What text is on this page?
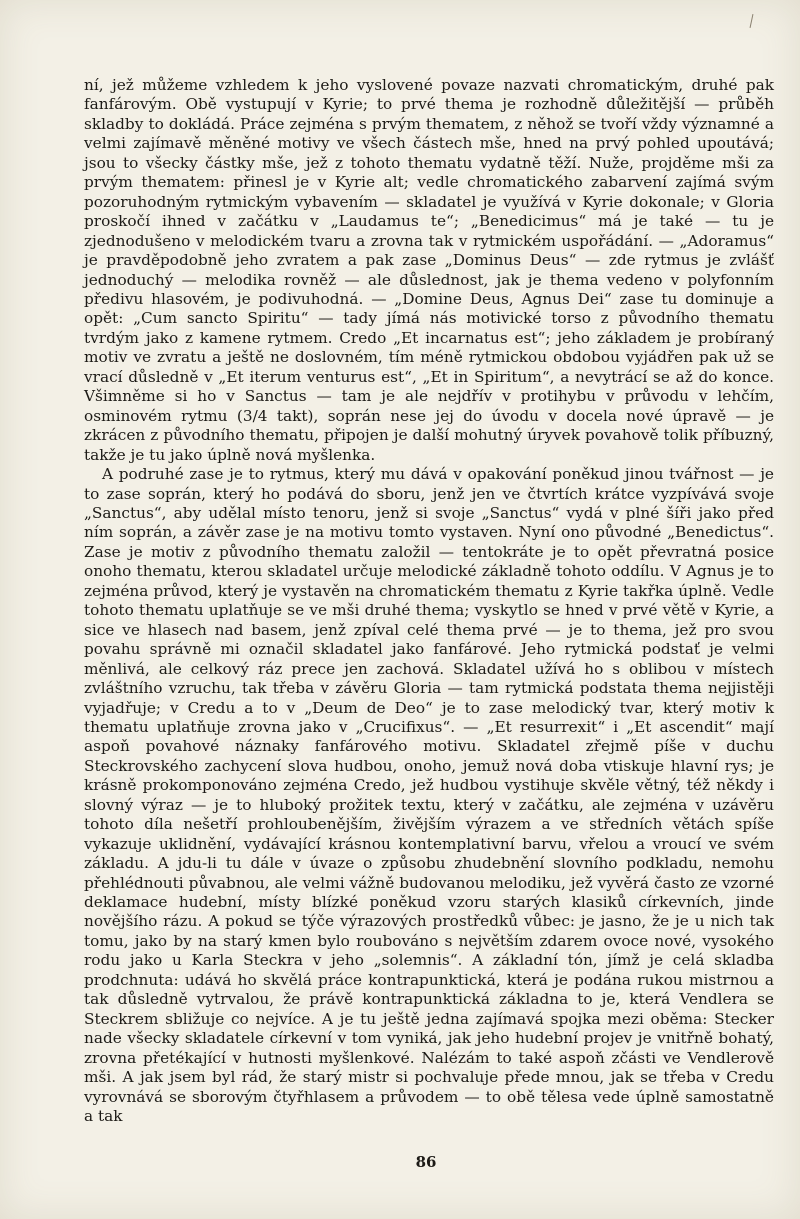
ní, jež můžeme vzhledem k jeho vyslovené povaze nazvati chromatickým, druhé pak fanfárovým. Obě vystupují v Kyrie; to prvé thema je rozhodně důležitější — průběh skladby to dokládá. Práce zejména s prvým thematem, z něhož se tvoří vždy významné a velmi zajímavě měněné motivy ve všech částech mše, hned na prvý pohled upoutává; jsou to všecky částky mše, jež z tohoto thematu vydatně těží. Nuže, projděme mši za prvým thematem: přinesl je v Kyrie alt; vedle chromatického zabarvení zajímá svým pozoruhodným rytmickým vybavením — skladatel je využívá v Kyrie dokonale; v Gloria proskočí ihned v začátku v „Laudamus te“; „Benedicimus“ má je také — tu je zjednodušeno v melodickém tvaru a zrovna tak v rytmickém uspořádání. — „Adoramus“ je pravděpodobně jeho zvratem a pak zase „Dominus Deus“ — zde rytmus je zvlášť jednoduchý — melodika rovněž — ale důslednost, jak je thema vedeno v polyfonním předivu hlasovém, je podivuhodná. — „Domine Deus, Agnus Dei“ zase tu dominuje a opět: „Cum sancto Spiritu“ — tady jímá nás motivické torso z původního thematu tvrdým jako z kamene rytmem. Credo „Et incarnatus est“; jeho základem je probíraný motiv ve zvratu a ještě ne doslovném, tím méně rytmickou obdobou vyjádřen pak už se vrací důsledně v „Et iterum venturus est“, „Et in Spiritum“, a nevytrácí se až do konce. Všimněme si ho v Sanctus — tam je ale nejdřív v protihybu v průvodu v lehčím, osminovém rytmu (3/4 takt), soprán nese jej do úvodu v docela nové úpravě — je zkrácen z původního thematu, připojen je další mohutný úryvek povahově tolik příbuzný, takže je tu jako úplně nová myšlenka.

A podruhé zase je to rytmus, který mu dává v opakování poněkud jinou tvářnost — je to zase soprán, který ho podává do sboru, jenž jen ve čtvrtích krátce vyzpívává svoje „Sanctus“, aby udělal místo tenoru, jenž si svoje „Sanctus“ vydá v plné šíři jako před ním soprán, a závěr zase je na motivu tomto vystaven. Nyní ono původné „Benedictus“. Zase je motiv z původního thematu založil — tentokráte je to opět převratná posice onoho thematu, kterou skladatel určuje melodické základně tohoto oddílu. V Agnus je to zejména průvod, který je vystavěn na chromatickém thematu z Kyrie takřka úplně. Vedle tohoto thematu uplatňuje se ve mši druhé thema; vyskytlo se hned v prvé větě v Kyrie, a sice ve hlasech nad basem, jenž zpíval celé thema prvé — je to thema, jež pro svou povahu správně mi označil skladatel jako fanfárové. Jeho rytmická podstať je velmi měnlivá, ale celkový ráz prece jen zachová. Skladatel užívá ho s oblibou v místech zvláštního vzruchu, tak třeba v závěru Gloria — tam rytmická podstata thema nejjistěji vyjadřuje; v Credu a to v „Deum de Deo“ je to zase melodický tvar, který motiv k thematu uplatňuje zrovna jako v „Crucifixus“. — „Et resurrexit“ i „Et ascendit“ mají aspoň povahové náznaky fanfárového motivu. Skladatel zřejmě píše v duchu Steckrovského zachycení slova hudbou, onoho, jemuž nová doba vtiskuje hlavní rys; je krásně prokomponováno zejména Credo, jež hudbou vystihuje skvěle větný, též někdy i slovný výraz — je to hluboký prožitek textu, který v začátku, ale zejména v uzávěru tohoto díla nešetří prohloubenějším, živějším výrazem a ve středních větách spíše vykazuje uklidnění, vydávající krásnou kontemplativní barvu, vřelou a vroucí ve svém základu. A jdu-li tu dále v úvaze o způsobu zhudebnění slovního podkladu, nemohu přehlédnouti půvabnou, ale velmi vážně budovanou melodiku, jež vyvěrá často ze vzorné deklamace hudební, místy blízké poněkud vzoru starých klasiků církevních, jinde novějšího rázu. A pokud se týče výrazových prostředků vůbec: je jasno, že je u nich tak tomu, jako by na starý kmen bylo roubováno s největším zdarem ovoce nové, vysokého rodu jako u Karla Steckra v jeho „solemnis“. A základní tón, jímž je celá skladba prodchnuta: udává ho skvělá práce kontrapunktická, která je podána rukou mistrnou a tak důsledně vytrvalou, že právě kontrapunktická základna to je, která Vendlera se Steckrem sbližuje co nejvíce. A je tu ještě jedna zajímavá spojka mezi oběma: Stecker nade všecky skladatele církevní v tom vyniká, jak jeho hudební projev je vnitřně bohatý, zrovna přetékající v hutnosti myšlenkové. Nalézám to také aspoň zčásti ve Vendlerově mši. A jak jsem byl rád, že starý mistr si pochvaluje přede mnou, jak se třeba v Credu vyrovnává se sborovým čtyřhlasem a průvodem — to obě tělesa vede úplně samostatně a tak

86
